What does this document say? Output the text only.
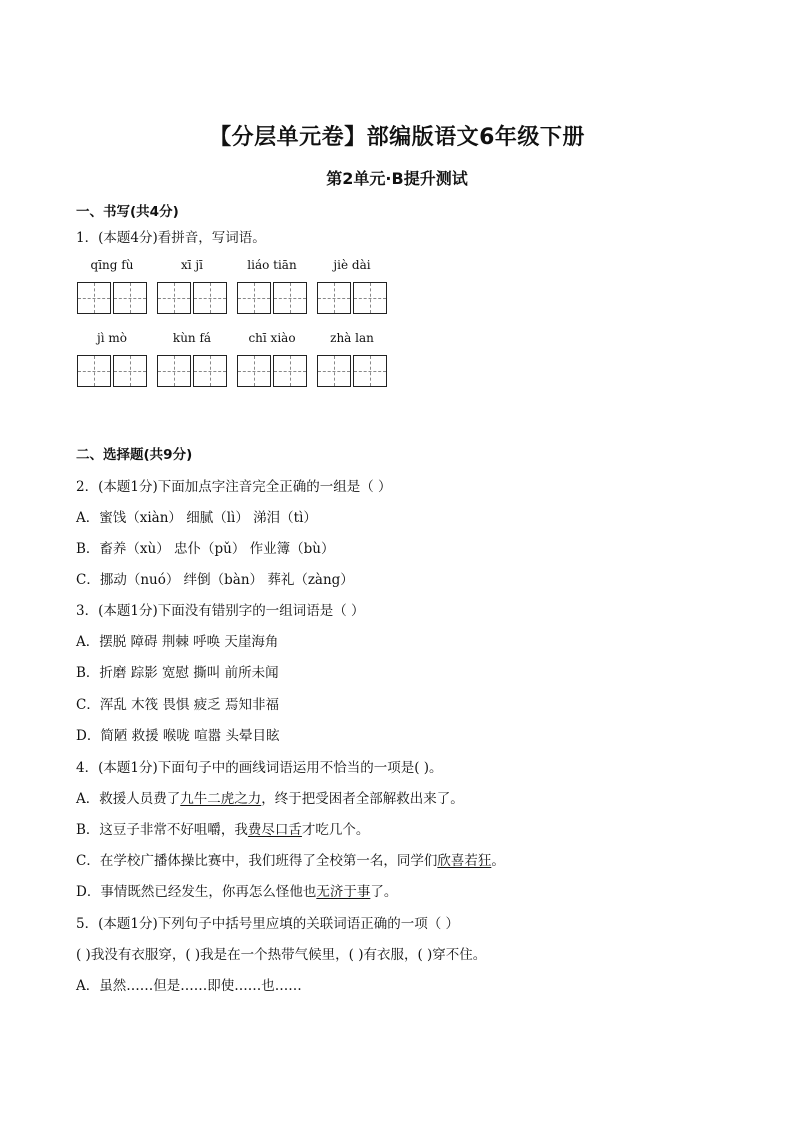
【分层单元卷】部编版语文6年级下册
第2单元·B提升测试
一、书写(共4分)
1．(本题4分)看拼音，写词语。
qīng fù	xī jī	liáo tiān	jiè dài
jì mò	kùn fá	chī xiào	zhà lan
二、选择题(共9分)
2．(本题1分)下面加点字注音完全正确的一组是（ ）
A．蜜饯（xiàn） 细腻（lì） 涕泪（tì）
B．畜养（xù） 忠仆（pǔ） 作业簿（bù）
C．挪动（nuó） 绊倒（bàn） 葬礼（zàng）
3．(本题1分)下面没有错别字的一组词语是（ ）
A．摆脱 障碍 荆棘 呼唤 天崖海角
B．折磨 踪影 宽慰 撕叫 前所未闻
C．浑乱 木筏 畏惧 疲乏 焉知非福
D．简陋 救援 喉咙 喧嚣 头晕目眩
4．(本题1分)下面句子中的画线词语运用不恰当的一项是( )。
A．救援人员费了九牛二虎之力，终于把受困者全部解救出来了。
B．这豆子非常不好咀嚼，我费尽口舌才吃几个。
C．在学校广播体操比赛中，我们班得了全校第一名，同学们欣喜若狂。
D．事情既然已经发生，你再怎么怪他也无济于事了。
5．(本题1分)下列句子中括号里应填的关联词语正确的一项（ ）
( )我没有衣服穿，( )我是在一个热带气候里，( )有衣服，( )穿不住。
A．虽然……但是……即使……也……
